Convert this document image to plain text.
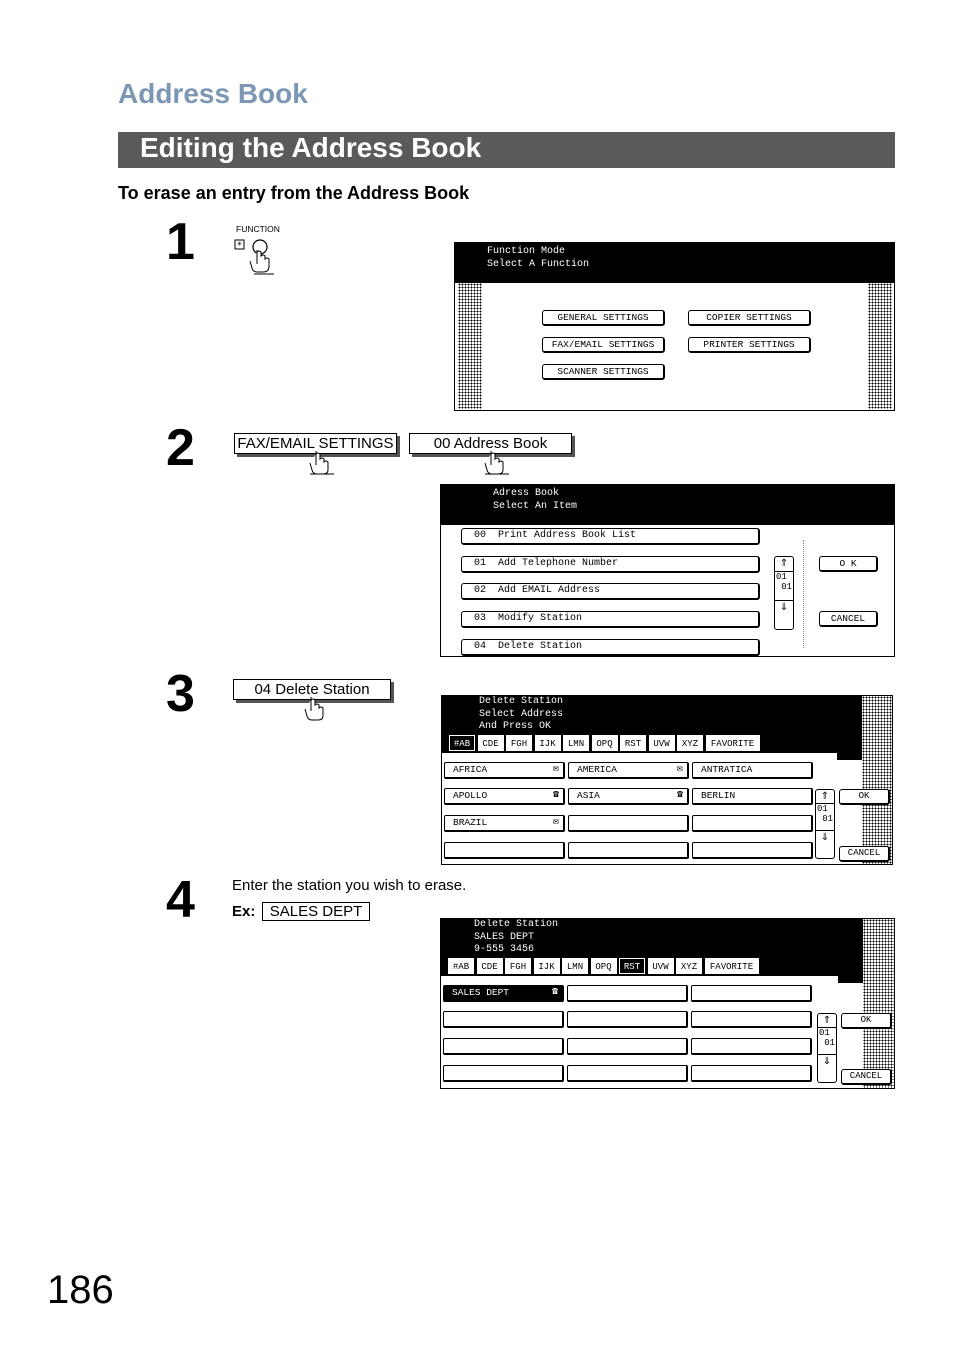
Address Book
Editing the Address Book
To erase an entry from the Address Book
1	FUNCTION
*	Function Mode
Select A Function
GENERAL SETTINGS	COPIER SETTINGS
FAX/EMAIL SETTINGS	PRINTER SETTINGS
SCANNER SETTINGS
2	FAX/EMAIL SETTINGS	00 Address Book
Adress Book
Select An Item
00 Print Address Book List
01 Add Telephone Number
02 Add EMAIL Address
03 Modify Station
04 Delete Station
⇑
01
01
⇓
O K
CANCEL
3	04 Delete Station
Delete Station
Select Address
And Press OK
#AB	CDE	FGH	IJK	LMN	OPQ	RST	UVW	XYZ	FAVORITE
AFRICA	✉	AMERICA	✉	ANTRATICA
APOLLO	☎	ASIA	☎	BERLIN
BRAZIL	✉
⇑
01
01
⇓
OK
CANCEL
4 Enter the station you wish to erase.
Ex: SALES DEPT
Delete Station
SALES DEPT
9-555 3456
#AB	CDE	FGH	IJK	LMN	OPQ	RST	UVW	XYZ	FAVORITE
SALES DEPT	☎
⇑
01
01
⇓
OK
CANCEL
186
